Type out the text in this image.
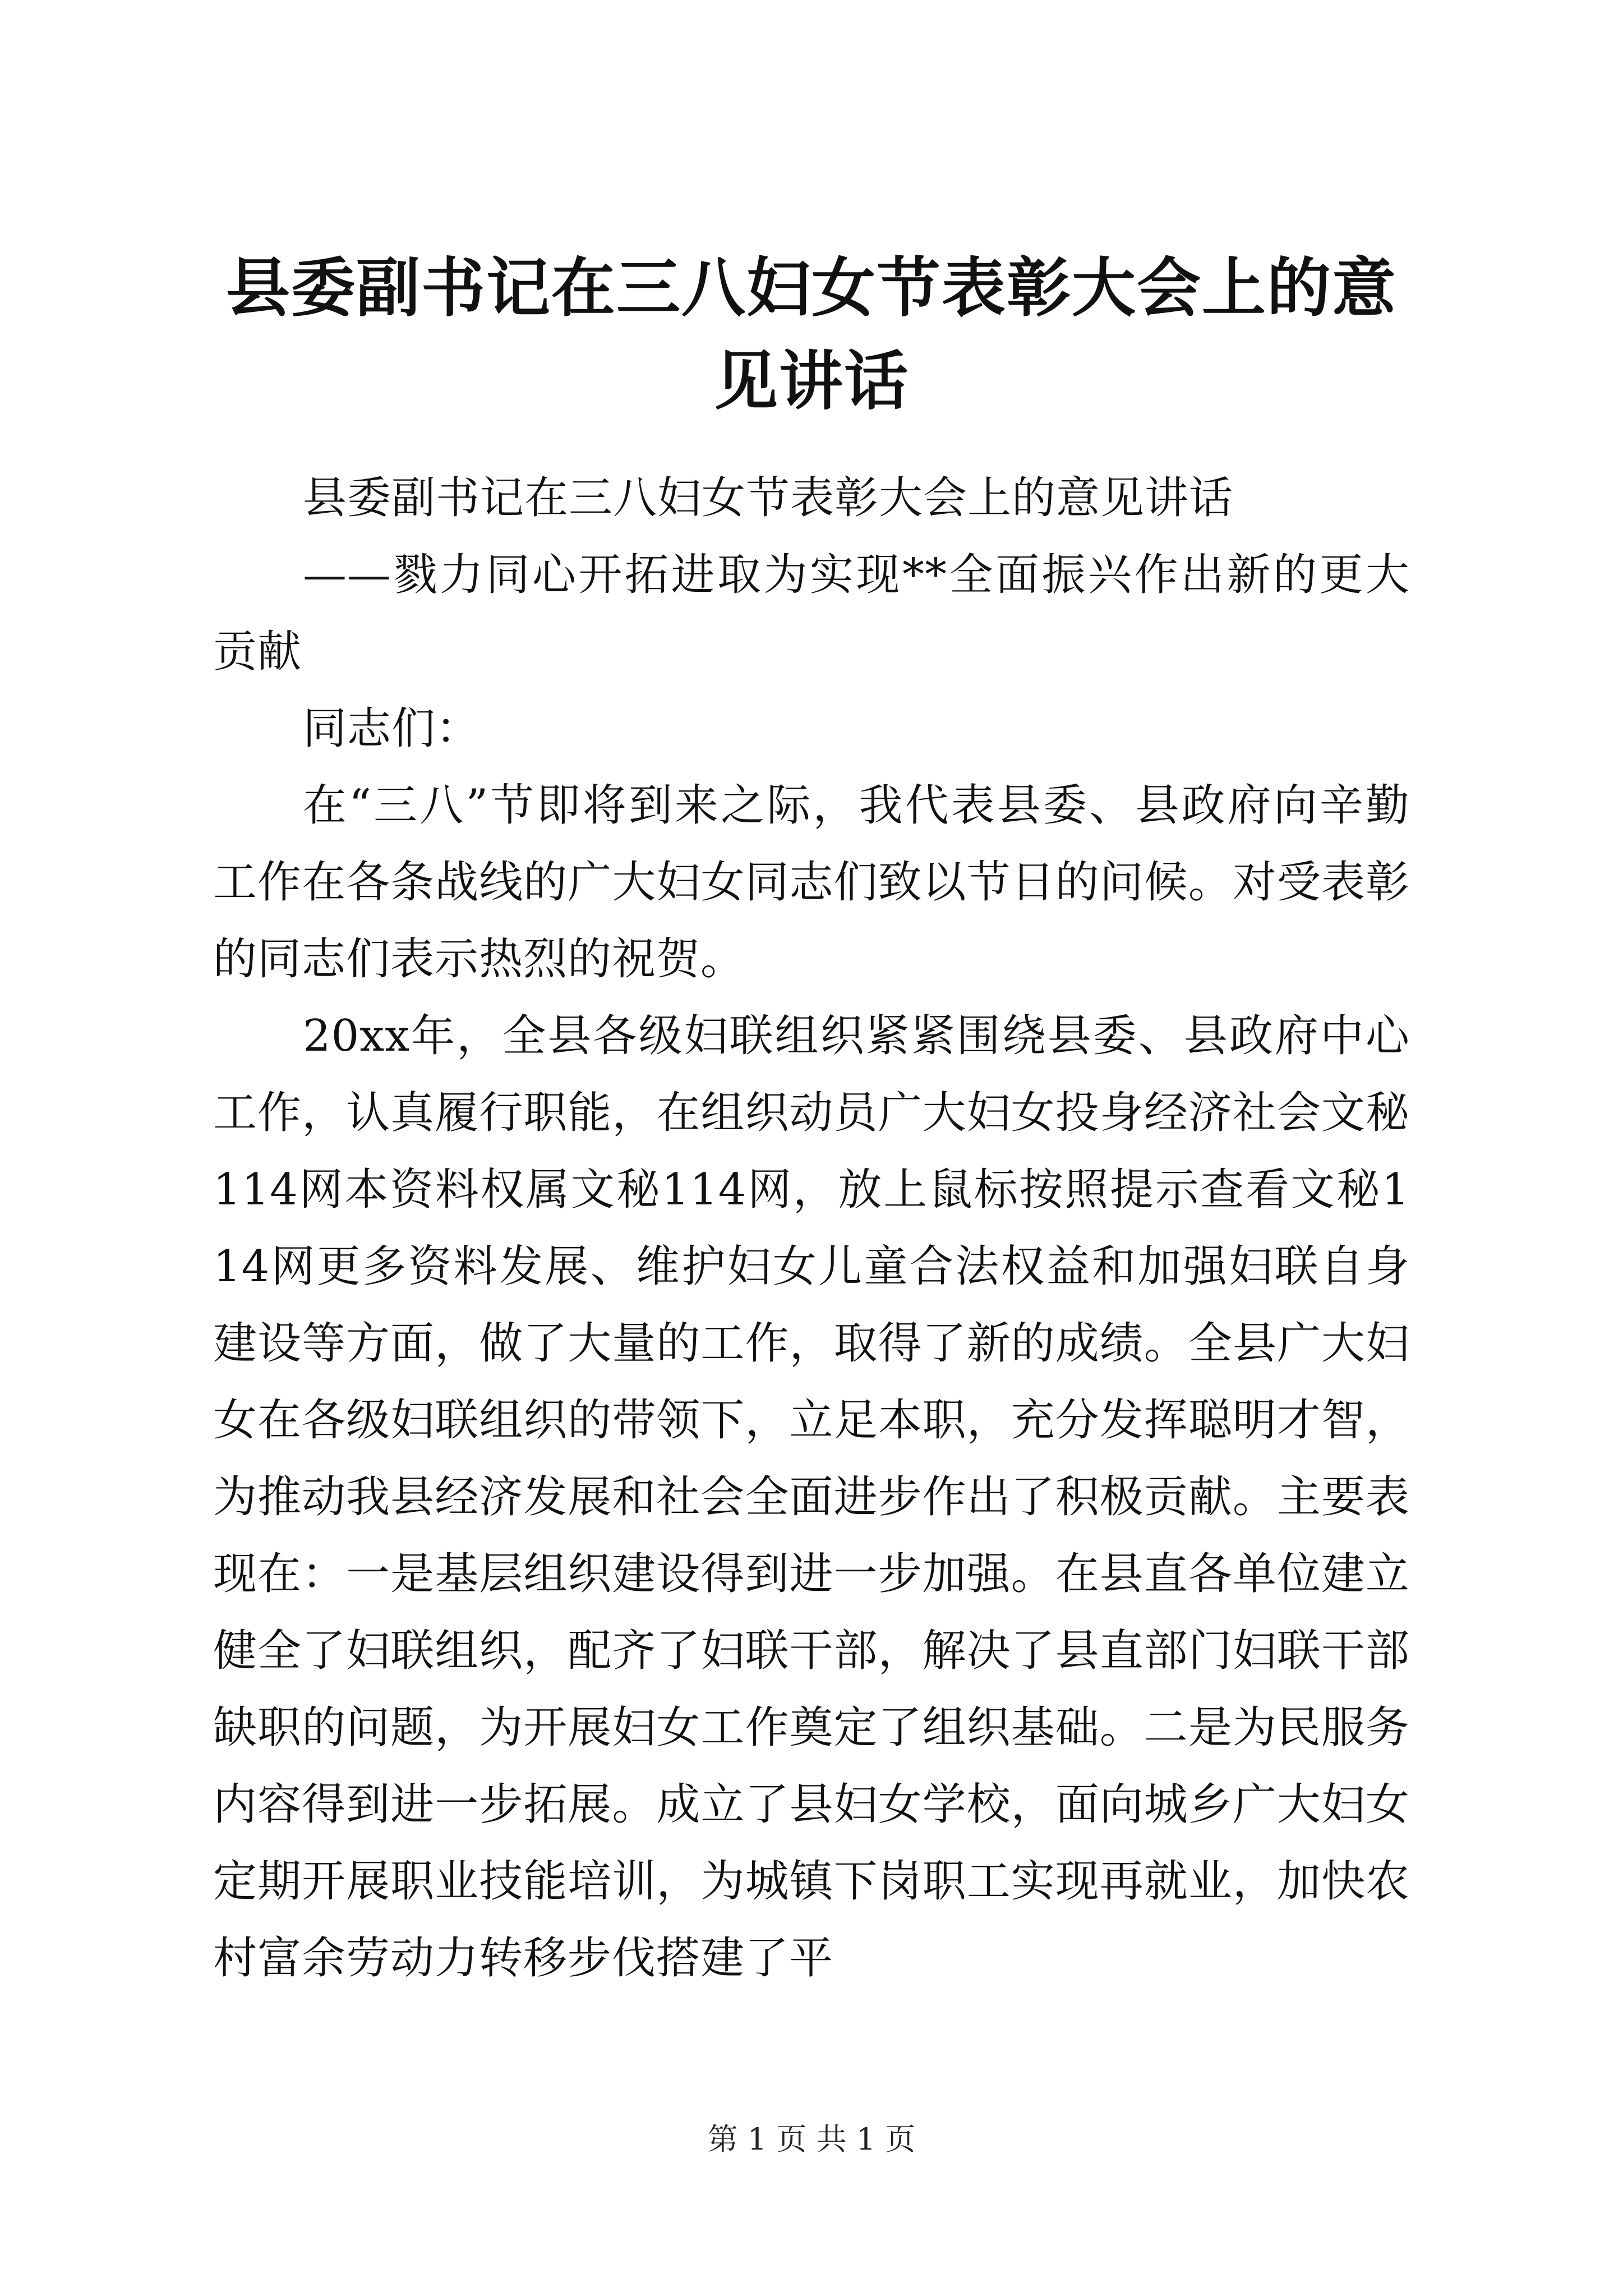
县委副书记在三八妇女节表彰大会上的意见讲话

县委副书记在三八妇女节表彰大会上的意见讲话

——戮力同心开拓进取为实现**全面振兴作出新的更大贡献

同志们：

在“三八”节即将到来之际，我代表县委、县政府向辛勤工作在各条战线的广大妇女同志们致以节日的问候。对受表彰的同志们表示热烈的祝贺。

20xx年，全县各级妇联组织紧紧围绕县委、县政府中心工作，认真履行职能，在组织动员广大妇女投身经济社会文秘114网本资料权属文秘114网，放上鼠标按照提示查看文秘114网更多资料发展、维护妇女儿童合法权益和加强妇联自身建设等方面，做了大量的工作，取得了新的成绩。全县广大妇女在各级妇联组织的带领下，立足本职，充分发挥聪明才智，为推动我县经济发展和社会全面进步作出了积极贡献。主要表现在：一是基层组织建设得到进一步加强。在县直各单位建立健全了妇联组织，配齐了妇联干部，解决了县直部门妇联干部缺职的问题，为开展妇女工作奠定了组织基础。二是为民服务内容得到进一步拓展。成立了县妇女学校，面向城乡广大妇女定期开展职业技能培训，为城镇下岗职工实现再就业，加快农村富余劳动力转移步伐搭建了平

第 1 页 共 1 页
